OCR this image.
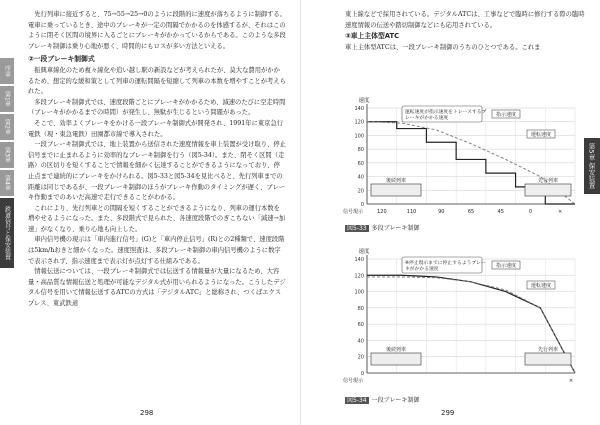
序章
第1章
第2章
第3章
第4章
鉄道信号と保安装置

先行列車に接近すると、75→55→25→0のように段階的に速度が落ちるように制御する。電車に乗っているとき、途中のブレーキが一定の間隔でかかるのを体感するが、それはこのように閉そく区間の境界に入るごとにブレーキがかかっているからである。このような多段ブレーキ制御は乗り心地が悪く、時間的にもロスが多い方法といえる。

②一段ブレーキ制御式

振興車線化のため複々線化や追い越し駅の新設などが考えられたが、莫大な費用がかかるため、想定的な緩和策として列車の運転間隔を短縮して列車の本数を増やすことが考えられた。

多段ブレーキ制御式では、速度段階ごとにブレーキがかかるため、減速のたびに空走時間（ブレーキがかかるまでの時間）が発生し、無駄が生じるという問題があった。

そこで、効率よくブレーキをかける一段ブレーキ制御式が開発され、1991年に東京急行電鉄（現・東急電鉄）田園都市線で導入された。

一段ブレーキ制御式では、地上装置から送信された速度情報を車上装置が受け取り、停止信号までに止まれるように効率的なブレーキ制御を行う（図5-34）。また、閉そく区間（走路）の区切りを短くすることで情報を細かく伝達することができるようになっており、停止点まで連続的にブレーキをかけられる。図5-33と図5-34を見比べると、先行列車までの距離は同じであるが、一段ブレーキ制御のほうがブレーキ作動のタイミングが遅く、ブレーキ作動までのあいだ高速で走行できることがわかる。

これにより、先行列車との間隔を短くすることができるようになり、列車の運行本数を増やせるようになった。また、多段階式で見られた、各速度段階でのぎこちない「減速→加速」がなくなり、乗り心地も向上した。

車内信号機の現示は「車内進行信号」(G)と「車内停止信号」(R)との2種類で、速度段階は5km/hおきと細かくなった。速度照査は、多段ブレーキ制御の車内信号機のように数字で表示されず、指示速度まで表示灯が点灯する仕組みである。

情報伝送については、一段ブレーキ制御式では伝送する情報量が大量になるため、大容量・高品質な情報伝送と処理が可能なデジタル式が用いられるようになった。こうしたデジタル信号を用いて情報伝送するATCの方式は「デジタルATC」と総称され、つくばエクスプレス、東武鉄道

298
第5章 保安装置

東上線などで採用されている。デジタルATCは、工事などで臨時に修行する際の臨時速度情報の伝送や踏切制御などにも応用されている。

③車上主体型ATC

車上主体型ATCは、一段ブレーキ制御のうちのひとつである。これま

0
20
40
60
80
100
120
140
速度
120	110	90	65	45	0	×
信号現示
運転速度が指示速度をトレースするブ
レーキがかかる速度
指示速度
運転速度
後続列車	先行列車
図5-33 多段ブレーキ制御
0
20
40
60
80
100
120
140
速度
×
信号現示
※停止現示までに停止するようブレー
キがかかる速度
指示速度
運転速度
後続列車	先行列車
図5-34 一段ブレーキ制御
299
